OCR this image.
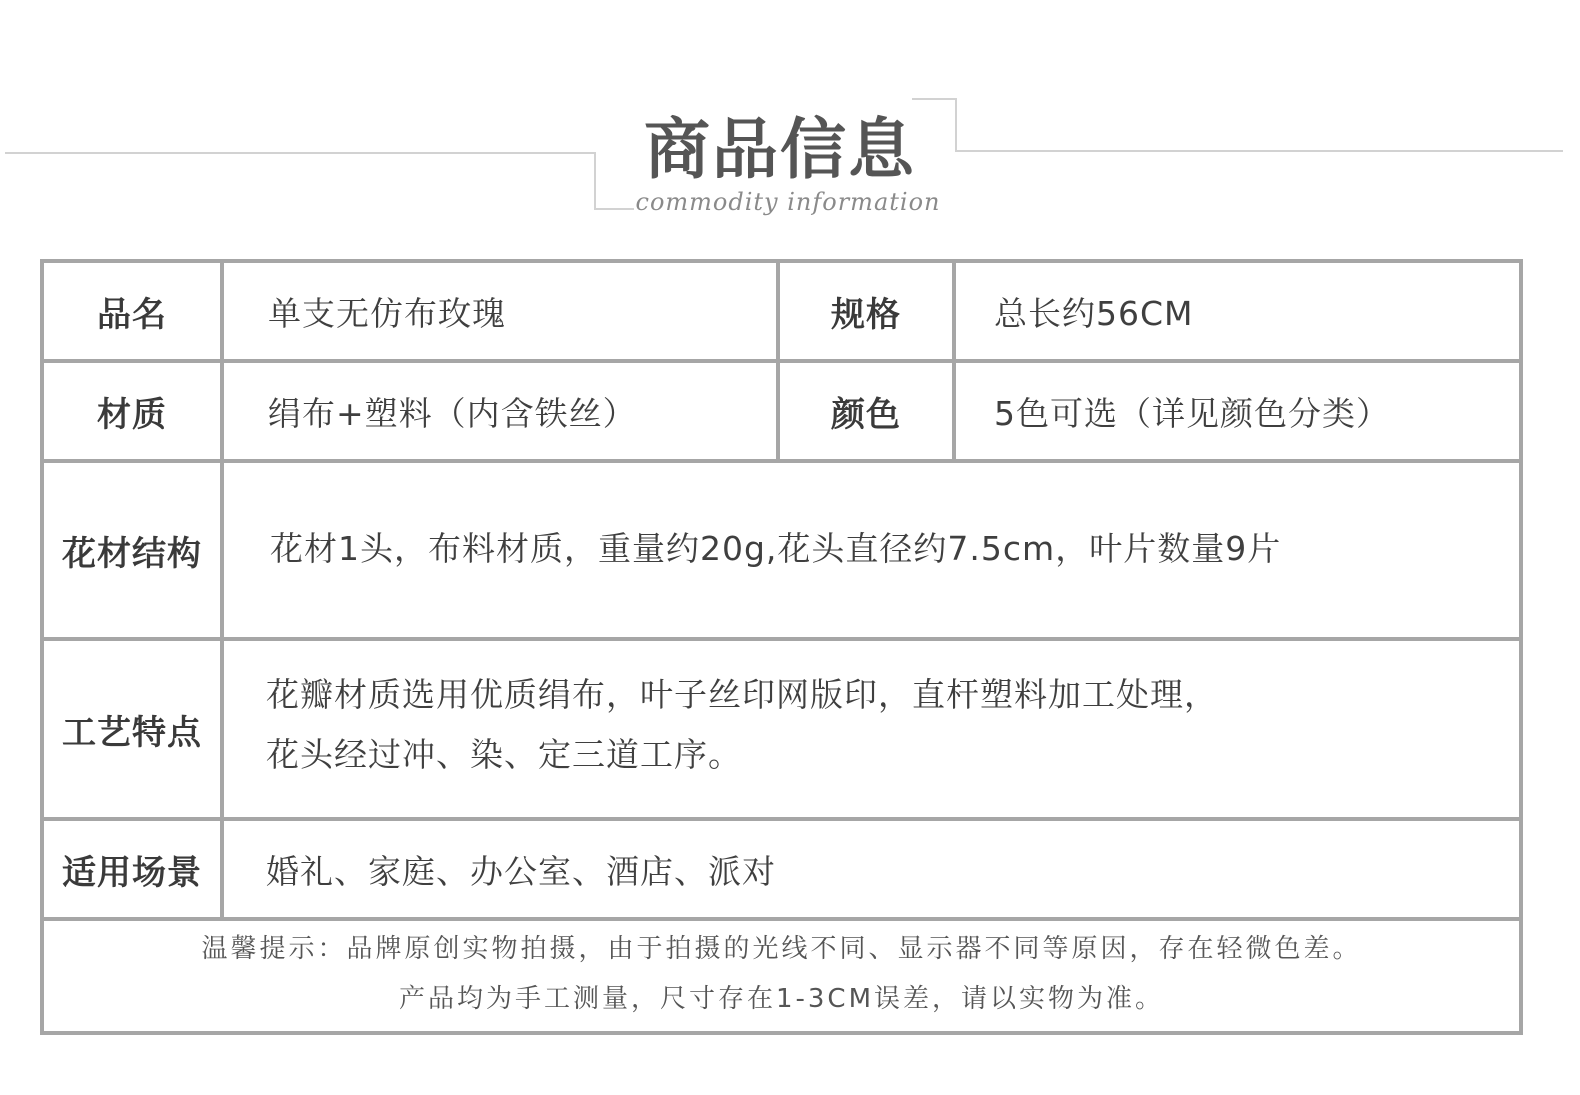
商品信息
commodity information
品名	单支无仿布玫瑰	规格	总长约56CM
材质	绢布+塑料（内含铁丝）	颜色	5色可选（详见颜色分类）
花材结构 花材1头，布料材质，重量约20g,花头直径约7.5cm，叶片数量9片
工艺特点
花瓣材质选用优质绢布，叶子丝印网版印，直杆塑料加工处理，
花头经过冲、染、定三道工序。
适用场景 婚礼、家庭、办公室、酒店、派对
温馨提示：品牌原创实物拍摄，由于拍摄的光线不同、显示器不同等原因，存在轻微色差。
产品均为手工测量，尺寸存在1-3CM误差，请以实物为准。
